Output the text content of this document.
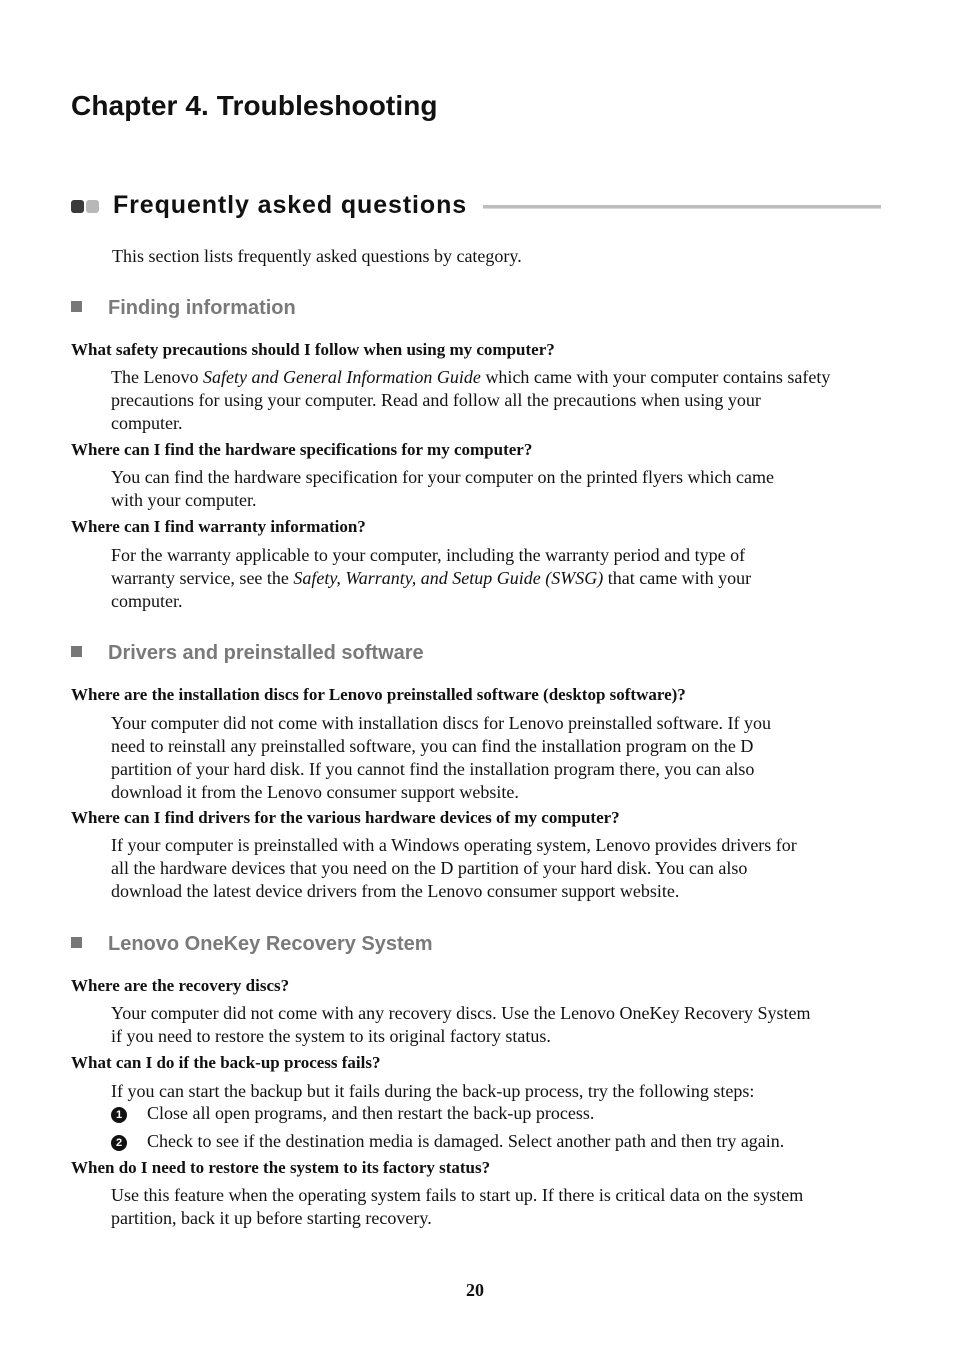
Chapter 4. Troubleshooting
Frequently asked questions
This section lists frequently asked questions by category.
Finding information
What safety precautions should I follow when using my computer?
The Lenovo Safety and General Information Guide which came with your computer contains safety
precautions for using your computer. Read and follow all the precautions when using your
computer.
Where can I find the hardware specifications for my computer?
You can find the hardware specification for your computer on the printed flyers which came
with your computer.
Where can I find warranty information?
For the warranty applicable to your computer, including the warranty period and type of
warranty service, see the Safety, Warranty, and Setup Guide (SWSG) that came with your
computer.
Drivers and preinstalled software
Where are the installation discs for Lenovo preinstalled software (desktop software)?
Your computer did not come with installation discs for Lenovo preinstalled software. If you
need to reinstall any preinstalled software, you can find the installation program on the D
partition of your hard disk. If you cannot find the installation program there, you can also
download it from the Lenovo consumer support website.
Where can I find drivers for the various hardware devices of my computer?
If your computer is preinstalled with a Windows operating system, Lenovo provides drivers for
all the hardware devices that you need on the D partition of your hard disk. You can also
download the latest device drivers from the Lenovo consumer support website.
Lenovo OneKey Recovery System
Where are the recovery discs?
Your computer did not come with any recovery discs. Use the Lenovo OneKey Recovery System
if you need to restore the system to its original factory status.
What can I do if the back-up process fails?
If you can start the backup but it fails during the back-up process, try the following steps:
1 Close all open programs, and then restart the back-up process.
2 Check to see if the destination media is damaged. Select another path and then try again.
When do I need to restore the system to its factory status?
Use this feature when the operating system fails to start up. If there is critical data on the system
partition, back it up before starting recovery.
20
